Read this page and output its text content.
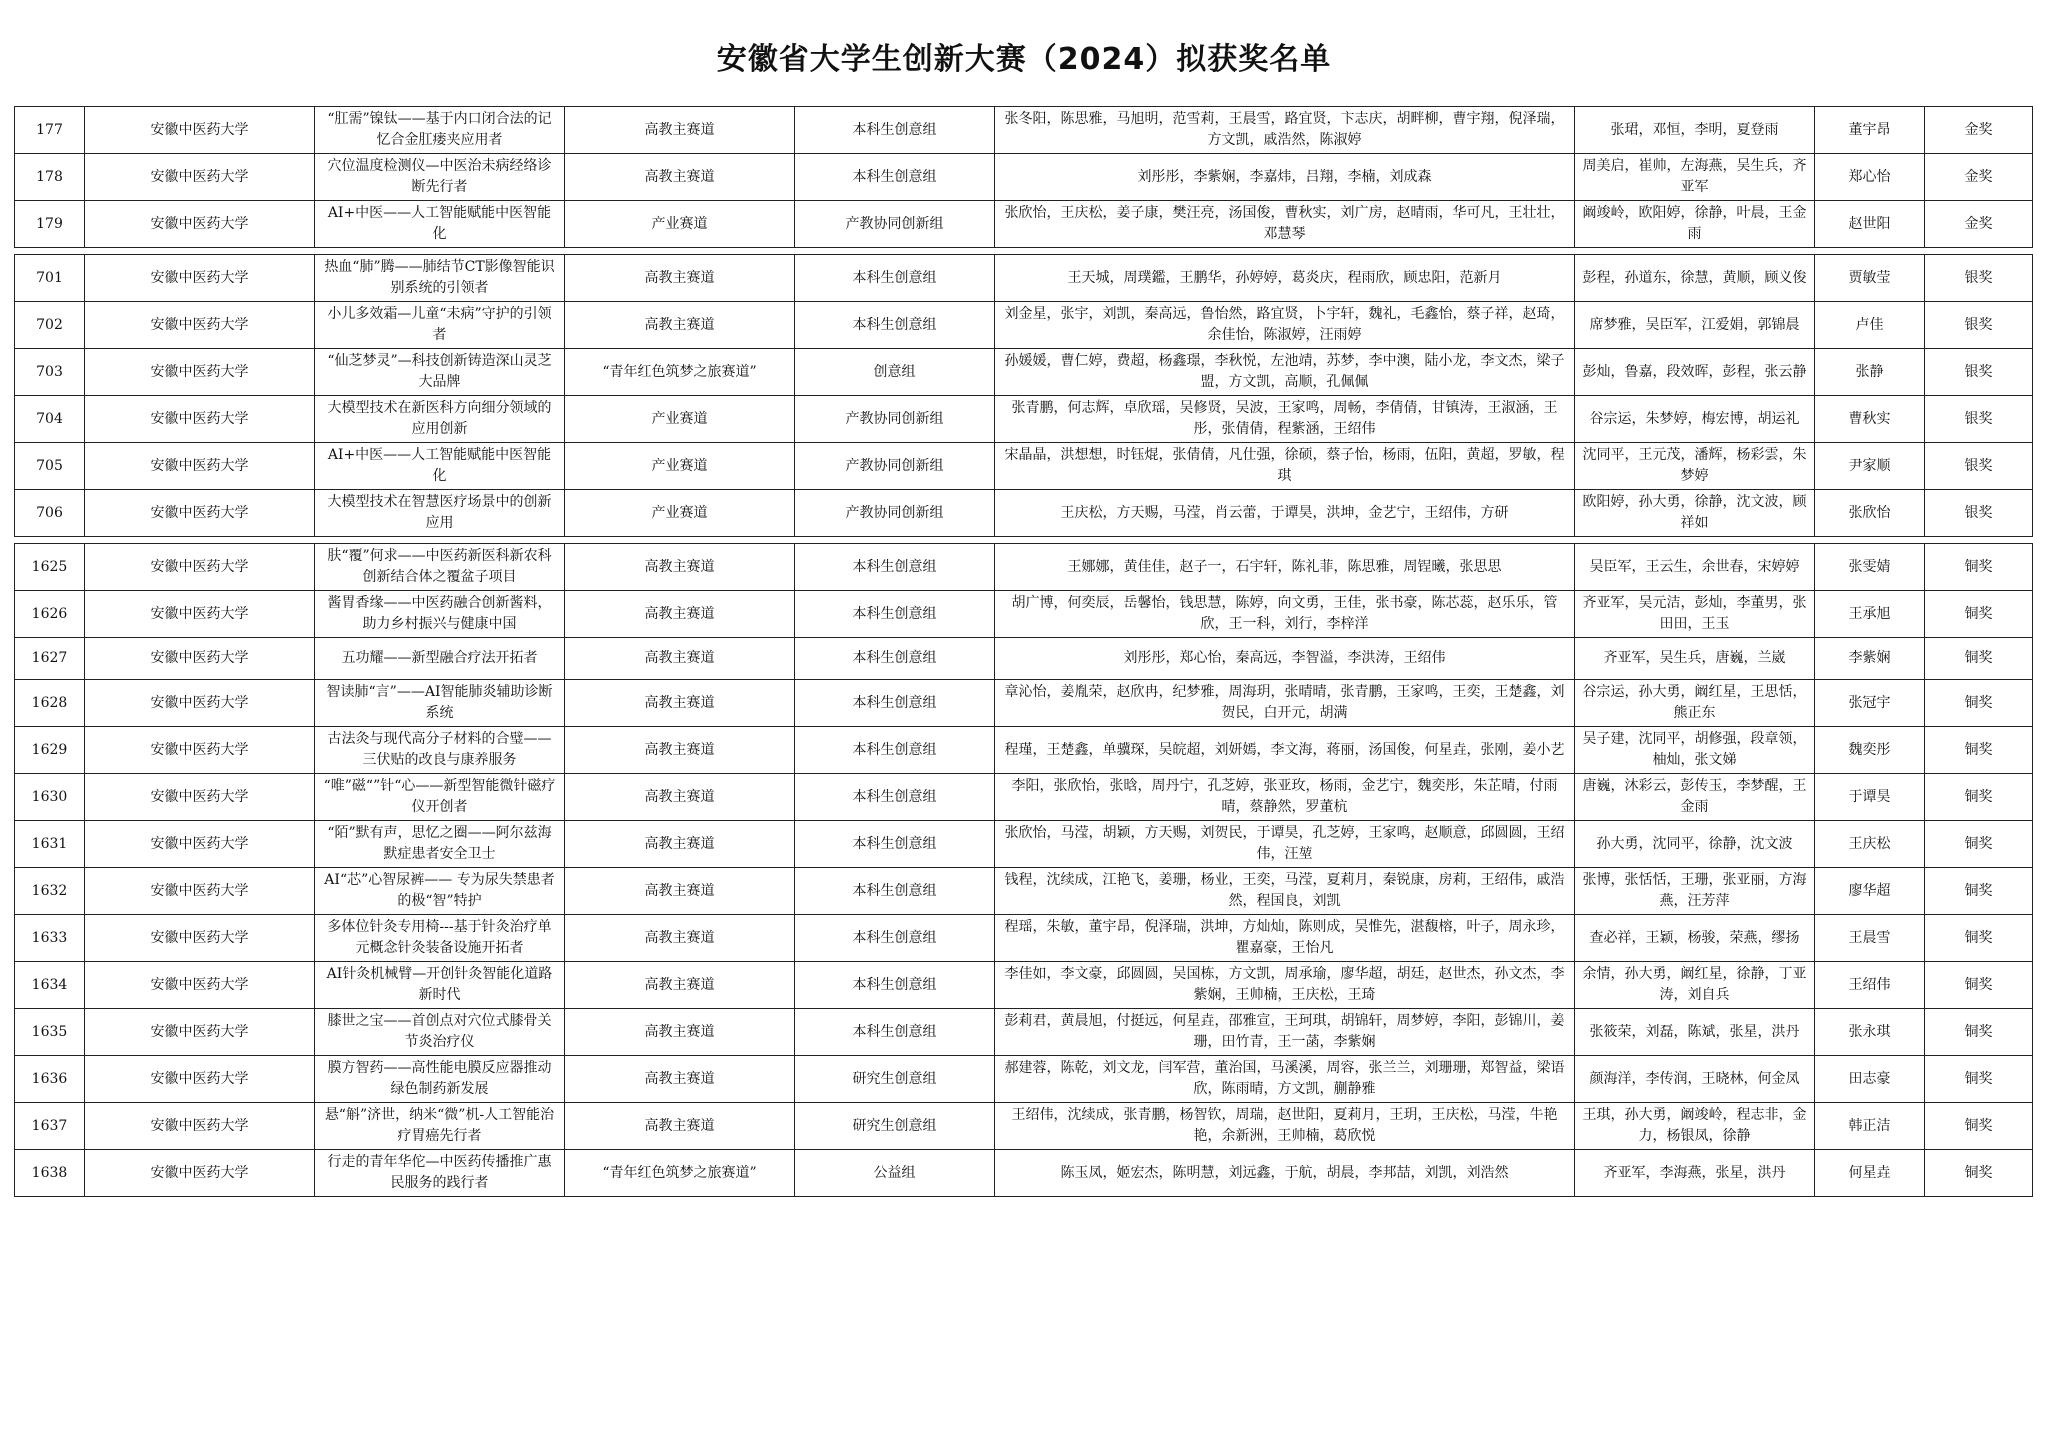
安徽省大学生创新大赛（2024）拟获奖名单
177	安徽中医药大学	“肛需”镍钛——基于内口闭合法的记忆合金肛瘘夹应用者	高教主赛道	本科生创意组	张冬阳，陈思雅，马旭明，范雪莉，王晨雪，路宜贤，卞志庆，胡畔柳，曹宇翔，倪泽瑞，方文凯，戚浩然，陈淑婷	张珺，邓恒，李明，夏登雨	董宇昂	金奖
178	安徽中医药大学	穴位温度检测仪—中医治未病经络诊断先行者	高教主赛道	本科生创意组	刘彤彤，李紫娴，李嘉炜，吕翔，李楠，刘成森	周美启，崔帅，左海燕，吴生兵，齐亚军	郑心怡	金奖
179	安徽中医药大学	AI+中医——人工智能赋能中医智能化	产业赛道	产教协同创新组	张欣怡，王庆松，姜子康，樊汪亮，汤国俊，曹秋实，刘广房，赵晴雨，华可凡，王壮壮，邓慧琴	阚竣岭，欧阳婷，徐静，叶晨，王金雨	赵世阳	金奖
701	安徽中医药大学	热血“肺”腾——肺结节CT影像智能识别系统的引领者	高教主赛道	本科生创意组	王天城，周璞鑑，王鹏华，孙婷婷，葛炎庆，程雨欣，顾忠阳，范新月	彭程，孙道东，徐慧，黄顺，顾义俊	贾敏莹	银奖
702	安徽中医药大学	小儿多效霜—儿童“未病”守护的引领者	高教主赛道	本科生创意组	刘金星，张宇，刘凯，秦高远，鲁怡然，路宜贤，卜宇轩，魏礼，毛鑫怡，蔡子祥，赵琦，余佳怡，陈淑婷，汪雨婷	席梦雅，吴臣军，江爱娟，郭锦晨	卢佳	银奖
703	安徽中医药大学	“仙芝梦灵”—科技创新铸造深山灵芝大品牌	“青年红色筑梦之旅赛道”	创意组	孙媛媛，曹仁婷，费超，杨鑫璟，李秋悦，左池靖，苏梦，李中澳，陆小龙，李文杰，梁子盟，方文凯，高顺，孔佩佩	彭灿，鲁嘉，段效晖，彭程，张云静	张静	银奖
704	安徽中医药大学	大模型技术在新医科方向细分领域的应用创新	产业赛道	产教协同创新组	张青鹏，何志辉，卓欣瑶，吴修贤，吴波，王家鸣，周畅，李倩倩，甘镇涛，王淑涵，王彤，张倩倩，程紫涵，王绍伟	谷宗运，朱梦婷，梅宏博，胡运礼	曹秋实	银奖
705	安徽中医药大学	AI+中医——人工智能赋能中医智能化	产业赛道	产教协同创新组	宋晶晶，洪想想，时钰焜，张倩倩，凡仕强，徐硕，蔡子怡，杨雨，伍阳，黄超，罗敏，程琪	沈同平，王元茂，潘辉，杨彩雲，朱梦婷	尹家顺	银奖
706	安徽中医药大学	大模型技术在智慧医疗场景中的创新应用	产业赛道	产教协同创新组	王庆松，方天赐，马滢，肖云蕾，于谭昊，洪坤，金艺宁，王绍伟，方研	欧阳婷，孙大勇，徐静，沈文波，顾祥如	张欣怡	银奖
1625	安徽中医药大学	肤“覆”何求——中医药新医科新农科创新结合体之覆盆子项目	高教主赛道	本科生创意组	王娜娜，黄佳佳，赵子一，石宇轩，陈礼菲，陈思雅，周锃曦，张思思	吴臣军，王云生，余世春，宋婷婷	张雯婧	铜奖
1626	安徽中医药大学	酱胃香缘——中医药融合创新酱料，助力乡村振兴与健康中国	高教主赛道	本科生创意组	胡广博，何奕辰，岳馨怡，钱思慧，陈婷，向文勇，王佳，张书豪，陈芯蕊，赵乐乐，管欣，王一科，刘行，李梓洋	齐亚军，吴元洁，彭灿，李董男，张田田，王玉	王承旭	铜奖
1627	安徽中医药大学	五功耀——新型融合疗法开拓者	高教主赛道	本科生创意组	刘彤彤，郑心怡，秦高远，李智溢，李洪涛，王绍伟	齐亚军，吴生兵，唐巍，兰崴	李紫娴	铜奖
1628	安徽中医药大学	智读肺“言”——AI智能肺炎辅助诊断系统	高教主赛道	本科生创意组	章沁怡，姜胤荣，赵欣冉，纪梦雅，周海玥，张晴晴，张青鹏，王家鸣，王奕，王楚鑫，刘贺民，白开元，胡满	谷宗运，孙大勇，阚红星，王思恬，熊正东	张冠宇	铜奖
1629	安徽中医药大学	古法灸与现代高分子材料的合璧——三伏贴的改良与康养服务	高教主赛道	本科生创意组	程瑾，王楚鑫，单骥琛，吴皖超，刘妍嫣，李文海，蒋丽，汤国俊，何星垚，张刚，姜小艺	吴子建，沈同平，胡修强，段章领，柚灿，张文娣	魏奕彤	铜奖
1630	安徽中医药大学	“唯”磁“”针“心——新型智能微针磁疗仪开创者	高教主赛道	本科生创意组	李阳，张欣怡，张晗，周丹宁，孔芝婷，张亚玫，杨雨，金艺宁，魏奕彤，朱芷晴，付雨晴，蔡静然，罗董杭	唐巍，沐彩云，彭传玉，李梦醒，王金雨	于谭昊	铜奖
1631	安徽中医药大学	“陌”默有声，思忆之圈——阿尔兹海默症患者安全卫士	高教主赛道	本科生创意组	张欣怡，马滢，胡颖，方天赐，刘贺民，于谭昊，孔芝婷，王家鸣，赵顺意，邱圆圆，王绍伟，汪堃	孙大勇，沈同平，徐静，沈文波	王庆松	铜奖
1632	安徽中医药大学	AI“芯”心智尿裤—— 专为尿失禁患者的极“智”特护	高教主赛道	本科生创意组	钱程，沈续成，江艳飞，姜珊，杨业，王奕，马滢，夏莉月，秦锐康，房莉，王绍伟，戚浩然，程国良，刘凯	张博，张恬恬，王珊，张亚丽，方海燕，汪芳萍	廖华超	铜奖
1633	安徽中医药大学	多体位针灸专用椅---基于针灸治疗单元概念针灸装备设施开拓者	高教主赛道	本科生创意组	程瑶，朱敏，董宇昂，倪泽瑞，洪坤，方灿灿，陈则成，吴惟先，湛馥榕，叶子，周永珍，瞿嘉豪，王怡凡	查必祥，王颖，杨骏，荣燕，缪扬	王晨雪	铜奖
1634	安徽中医药大学	AI针灸机械臂—开创针灸智能化道路新时代	高教主赛道	本科生创意组	李佳如，李文豪，邱圆圆，吴国栋，方文凯，周承瑜，廖华超，胡廷，赵世杰，孙文杰，李紫娴，王帅楠，王庆松，王琦	余情，孙大勇，阚红星，徐静，丁亚涛，刘自兵	王绍伟	铜奖
1635	安徽中医药大学	膝世之宝——首创点对穴位式膝骨关节炎治疗仪	高教主赛道	本科生创意组	彭莉君，黄晨旭，付挺远，何星垚，邵雅宣，王珂琪，胡锦轩，周梦婷，李阳，彭锦川，姜珊，田竹青，王一菡，李紫娴	张筱荣，刘磊，陈斌，张星，洪丹	张永琪	铜奖
1636	安徽中医药大学	膜方智药——高性能电膜反应器推动绿色制药新发展	高教主赛道	研究生创意组	郝建蓉，陈乾，刘文龙，闫军营，董治国，马溪溪，周容，张兰兰，刘珊珊，郑智益，梁语欣，陈雨晴，方文凯，蒯静雅	颜海洋，李传润，王晓林，何金凤	田志豪	铜奖
1637	安徽中医药大学	悬“斛”济世，纳米“微”机-人工智能治疗胃癌先行者	高教主赛道	研究生创意组	王绍伟，沈续成，张青鹏，杨智钦，周瑞，赵世阳，夏莉月，王玥，王庆松，马滢，牛艳艳，余新洲，王帅楠，葛欣悦	王琪，孙大勇，阚竣岭，程志非，金力，杨银凤，徐静	韩正洁	铜奖
1638	安徽中医药大学	行走的青年华佗—中医药传播推广惠民服务的践行者	“青年红色筑梦之旅赛道”	公益组	陈玉凤，姬宏杰，陈明慧，刘远鑫，于航，胡晨，李邦喆，刘凯，刘浩然	齐亚军，李海燕，张星，洪丹	何星垚	铜奖
